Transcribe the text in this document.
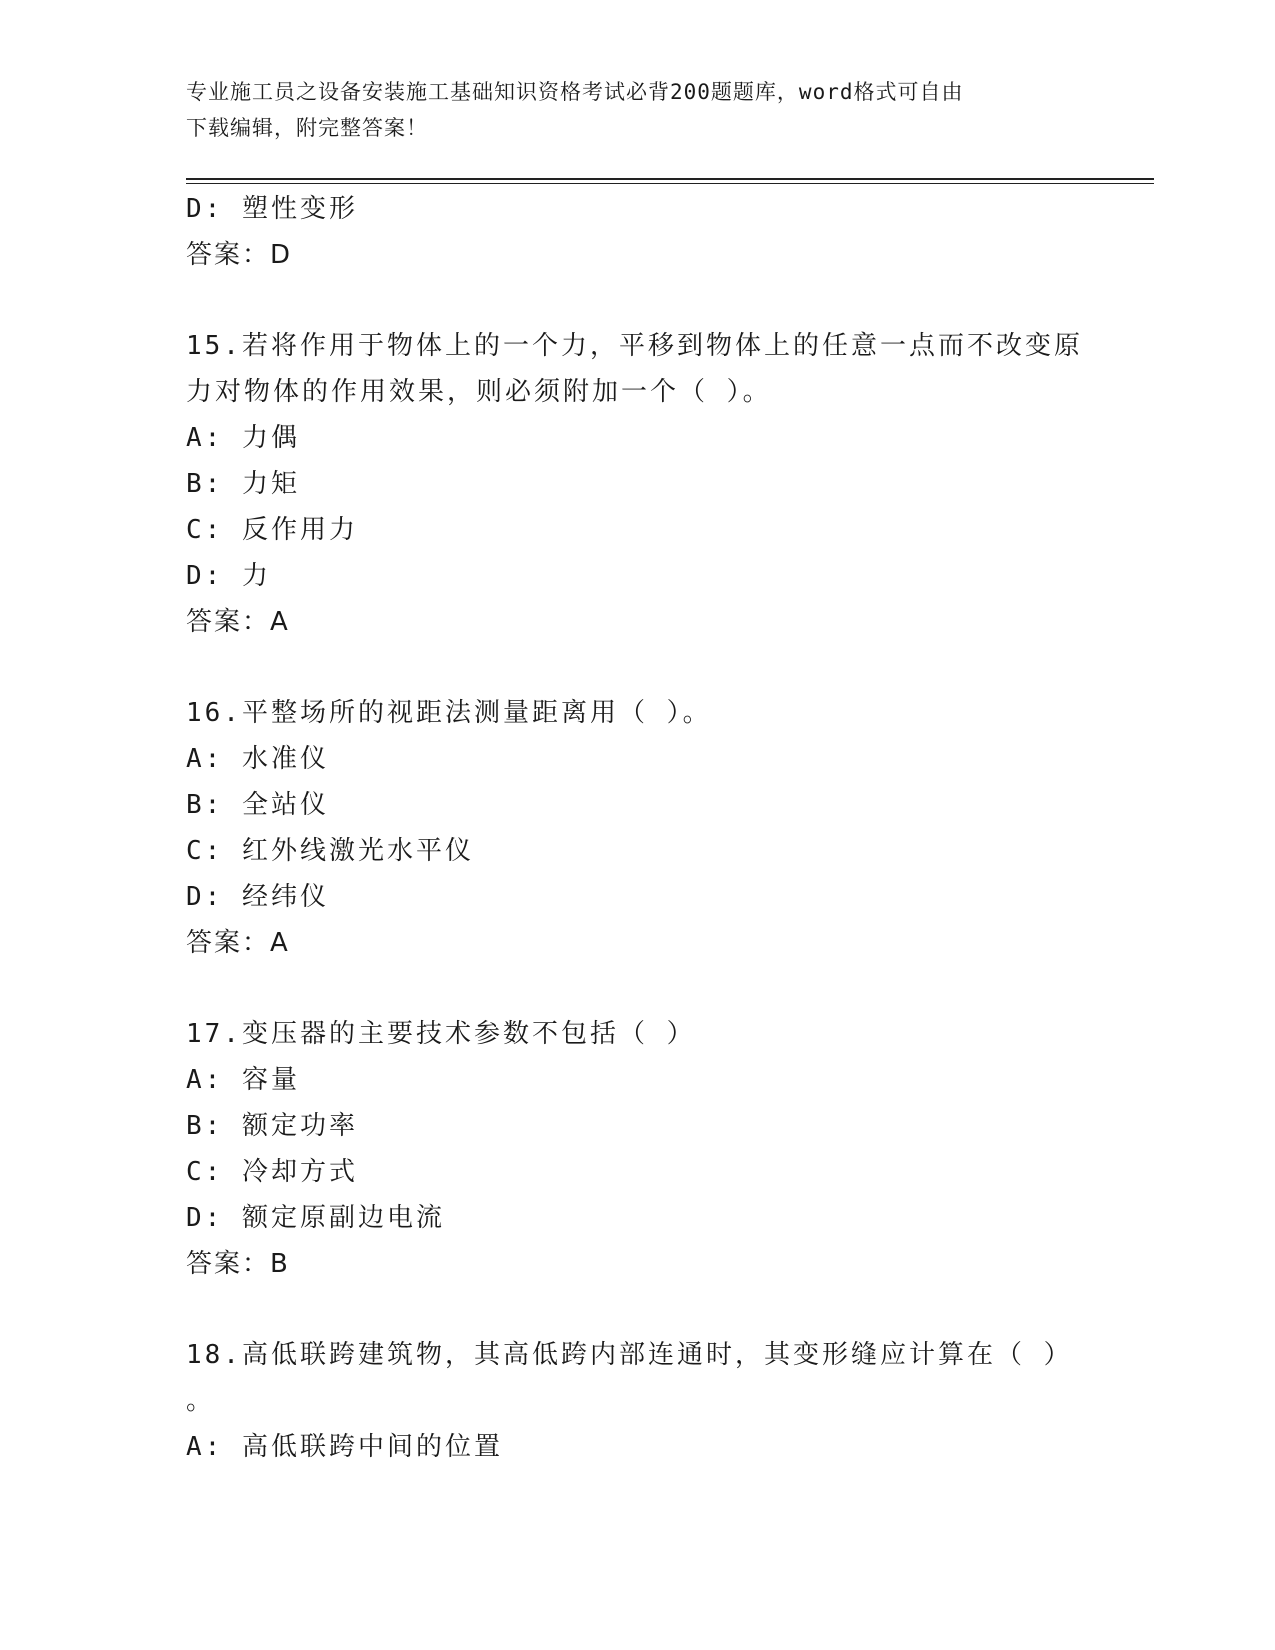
专业施工员之设备安装施工基础知识资格考试必背200题题库，word格式可自由
下载编辑，附完整答案！
D: 塑性变形
答案：D
15.若将作用于物体上的一个力，平移到物体上的任意一点而不改变原
力对物体的作用效果，则必须附加一个（ ）。
A: 力偶
B: 力矩
C: 反作用力
D: 力
答案：A
16.平整场所的视距法测量距离用（ ）。
A: 水准仪
B: 全站仪
C: 红外线激光水平仪
D: 经纬仪
答案：A
17.变压器的主要技术参数不包括（ ）
A: 容量
B: 额定功率
C: 冷却方式
D: 额定原副边电流
答案：B
18.高低联跨建筑物，其高低跨内部连通时，其变形缝应计算在（ ）
。
A: 高低联跨中间的位置
